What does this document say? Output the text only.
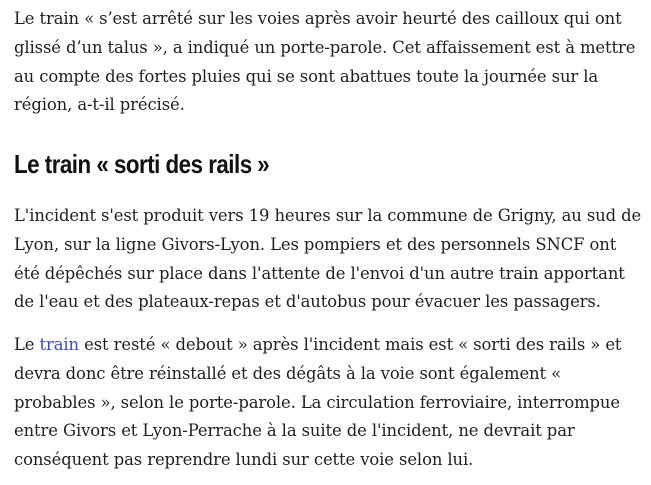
Le train « s’est arrêté sur les voies après avoir heurté des cailloux qui ont glissé d’un talus », a indiqué un porte-parole. Cet affaissement est à mettre au compte des fortes pluies qui se sont abattues toute la journée sur la région, a-t-il précisé.

Le train « sorti des rails »

L'incident s'est produit vers 19 heures sur la commune de Grigny, au sud de Lyon, sur la ligne Givors-Lyon. Les pompiers et des personnels SNCF ont été dépêchés sur place dans l'attente de l'envoi d'un autre train apportant de l'eau et des plateaux-repas et d'autobus pour évacuer les passagers.

Le train est resté « debout » après l'incident mais est « sorti des rails » et devra donc être réinstallé et des dégâts à la voie sont également « probables », selon le porte-parole. La circulation ferroviaire, interrompue entre Givors et Lyon-Perrache à la suite de l'incident, ne devrait par conséquent pas reprendre lundi sur cette voie selon lui.
